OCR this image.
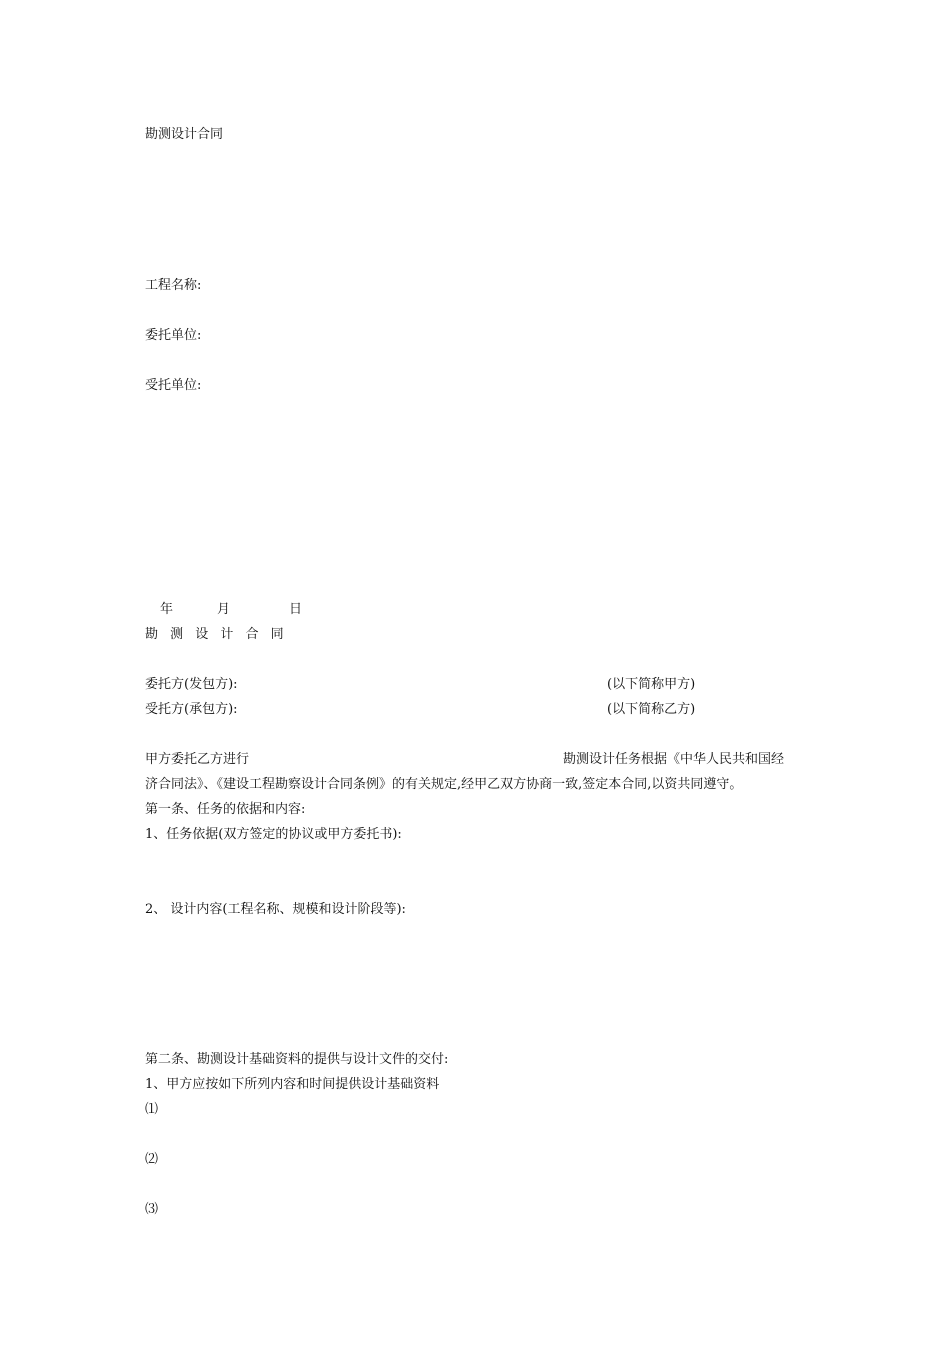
勘测设计合同
工程名称:
委托单位:
受托单位:
年	月	日
勘 测 设 计 合 同
委托方(发包方):	(以下简称甲方)
受托方(承包方):	(以下简称乙方)
甲方委托乙方进行	勘测设计任务根据《中华人民共和国经
济合同法》、《建设工程勘察设计合同条例》的有关规定,经甲乙双方协商一致,签定本合同,以资共同遵守。
第一条、任务的依据和内容:
1、任务依据(双方签定的协议或甲方委托书):
2、 设计内容(工程名称、规模和设计阶段等):
第二条、勘测设计基础资料的提供与设计文件的交付:
1、甲方应按如下所列内容和时间提供设计基础资料
⑴
⑵
⑶
